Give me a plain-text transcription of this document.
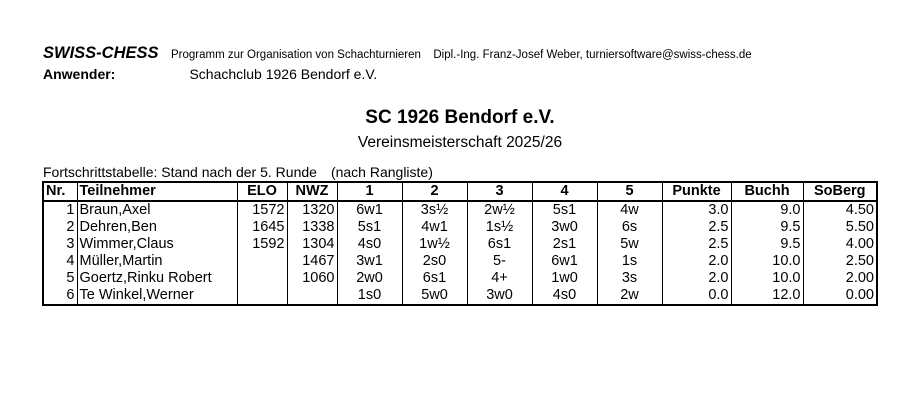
SWISS-CHESS Programm zur Organisation von Schachturnieren Dipl.-Ing. Franz-Josef Weber, turniersoftware@swiss-chess.de
Anwender:	Schachclub 1926 Bendorf e.V.
SC 1926 Bendorf e.V.
Vereinsmeisterschaft 2025/26
Fortschrittstabelle: Stand nach der 5. Runde (nach Rangliste)
Nr.	Teilnehmer	ELO	NWZ	1	2	3	4	5	Punkte	Buchh	SoBerg
1	Braun,Axel	1572	1320	6w1	3s½	2w½	5s1	4w	3.0	9.0	4.50
2	Dehren,Ben	1645	1338	5s1	4w1	1s½	3w0	6s	2.5	9.5	5.50
3	Wimmer,Claus	1592	1304	4s0	1w½	6s1	2s1	5w	2.5	9.5	4.00
4	Müller,Martin		1467	3w1	2s0	5-	6w1	1s	2.0	10.0	2.50
5	Goertz,Rinku Robert		1060	2w0	6s1	4+	1w0	3s	2.0	10.0	2.00
6	Te Winkel,Werner			1s0	5w0	3w0	4s0	2w	0.0	12.0	0.00
